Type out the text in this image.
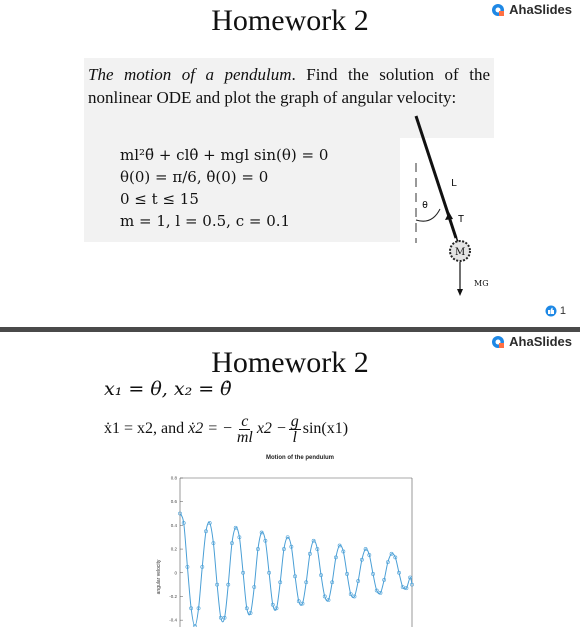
AhaSlides
Homework 2
The motion of a pendulum. Find the solution of the nonlinear ODE and plot the graph of angular velocity:
ml²θ̈ + clθ̇ + mgl sin(θ) = 0
θ(0) = π/6, θ̇(0) = 0
0 ≤ t ≤ 15
m = 1, l = 0.5, c = 0.1
θ
L
T
M
MG
1
AhaSlides
Homework 2
x₁ = θ, x₂ = θ̇
ẋ1 = x2, and
ẋ2 = − $\frac{c}{ml} x2 - \frac{g}{l} \sin(x1)$
Motion of the pendulum
0.8
0.6
0.4
0.2
0
-0.2
-0.4
angular velocity
